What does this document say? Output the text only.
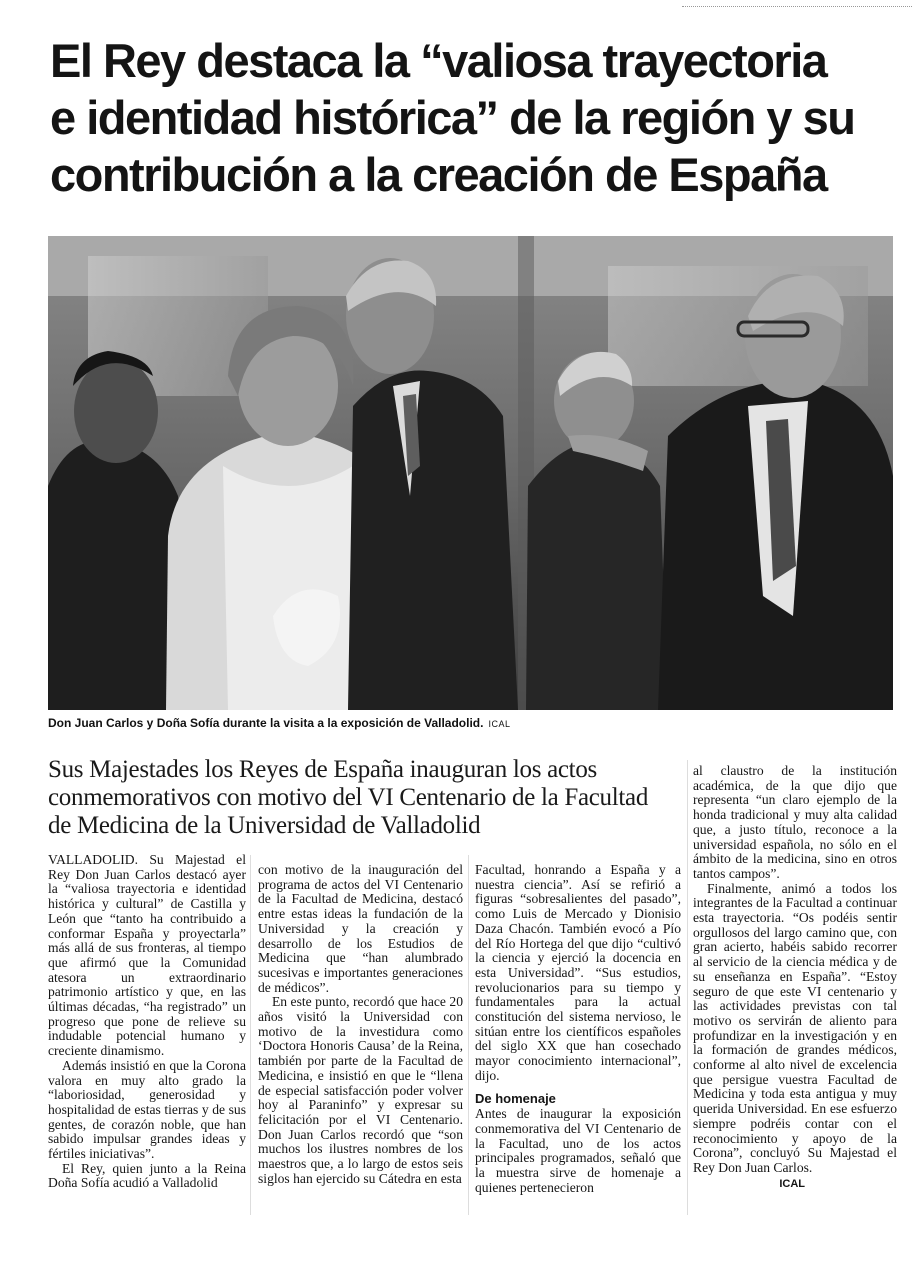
El Rey destaca la “valiosa trayectoria
e identidad histórica” de la región y su
contribución a la creación de España
Don Juan Carlos y Doña Sofía durante la visita a la exposición de Valladolid. ICAL
Sus Majestades los Reyes de España inauguran los actos
conmemorativos con motivo del VI Centenario de la Facultad
de Medicina de la Universidad de Valladolid

VALLADOLID. Su Majestad el Rey Don Juan Carlos destacó ayer la “valiosa trayectoria e identidad histórica y cultural” de Castilla y León que “tanto ha contribuido a conformar España y proyectarla” más allá de sus fronteras, al tiempo que afirmó que la Comunidad atesora un extraordinario patrimonio artístico y que, en las últimas décadas, “ha registrado” un progreso que pone de relieve su indudable potencial humano y creciente dinamismo.

Además insistió en que la Corona valora en muy alto grado la “laboriosidad, generosidad y hospitalidad de estas tierras y de sus gentes, de corazón noble, que han sabido impulsar grandes ideas y fértiles iniciativas”.

El Rey, quien junto a la Reina Doña Sofía acudió a Valladolid

con motivo de la inauguración del programa de actos del VI Centenario de la Facultad de Medicina, destacó entre estas ideas la fundación de la Universidad y la creación y desarrollo de los Estudios de Medicina que “han alumbrado sucesivas e importantes generaciones de médicos”.

En este punto, recordó que hace 20 años visitó la Universidad con motivo de la investidura como ‘Doctora Honoris Causa’ de la Reina, también por parte de la Facultad de Medicina, e insistió en que le “llena de especial satisfacción poder volver hoy al Paraninfo” y expresar su felicitación por el VI Centenario. Don Juan Carlos recordó que “son muchos los ilustres nombres de los maestros que, a lo largo de estos seis siglos han ejercido su Cátedra en esta

Facultad, honrando a España y a nuestra ciencia”. Así se refirió a figuras “sobresalientes del pasado”, como Luis de Mercado y Dionisio Daza Chacón. También evocó a Pío del Río Hortega del que dijo “cultivó la ciencia y ejerció la docencia en esta Universidad”. “Sus estudios, revolucionarios para su tiempo y fundamentales para la actual constitución del sistema nervioso, le sitúan entre los científicos españoles del siglo XX que han cosechado mayor conocimiento internacional”, dijo.

De homenaje

Antes de inaugurar la exposición conmemorativa del VI Centenario de la Facultad, uno de los actos principales programados, señaló que la muestra sirve de homenaje a quienes pertenecieron

al claustro de la institución académica, de la que dijo que representa “un claro ejemplo de la honda tradicional y muy alta calidad que, a justo título, reconoce a la universidad española, no sólo en el ámbito de la medicina, sino en otros tantos campos”.

Finalmente, animó a todos los integrantes de la Facultad a continuar esta trayectoria. “Os podéis sentir orgullosos del largo camino que, con gran acierto, habéis sabido recorrer al servicio de la ciencia médica y de su enseñanza en España”. “Estoy seguro de que este VI centenario y las actividades previstas con tal motivo os servirán de aliento para profundizar en la investigación y en la formación de grandes médicos, conforme al alto nivel de excelencia que persigue vuestra Facultad de Medicina y toda esta antigua y muy querida Universidad. En ese esfuerzo siempre podréis contar con el reconocimiento y apoyo de la Corona”, concluyó Su Majestad el Rey Don Juan Carlos.

ICAL
